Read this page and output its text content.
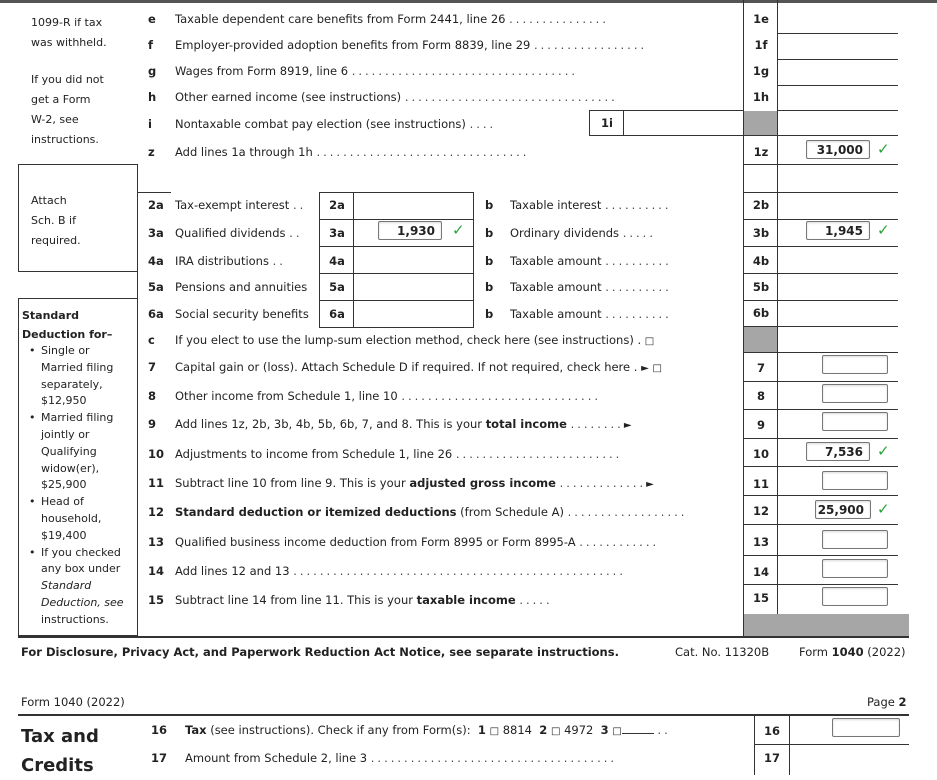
1099-R if tax
was withheld.
If you did not
get a Form
W-2, see
instructions.
Attach
Sch. B if
required.
Standard
Deduction for–
Single or
Married filing
separately,
$12,950
Married filing
jointly or
Qualifying
widow(er),
$25,900
Head of
household,
$19,400
If you checked
any box under
Standard
Deduction, see
instructions.
•
•
•
•
e Taxable dependent care benefits from Form 2441, line 26 ...............	1e
f Employer-provided adoption benefits from Form 8839, line 29 .................	1f
g Wages from Form 8919, line 6 ..................................	1g
h Other earned income (see instructions) ................................	1h
i Nontaxable combat pay election (see instructions) ....	1i
z Add lines 1a through 1h ................................	1z	31,000 ✓
2a Tax-exempt interest ..	2a	b Taxable interest ..........	2b
3a Qualified dividends ..	3a	1,930	✓ b Ordinary dividends .....	3b	1,945 ✓
4a IRA distributions ..	4a	b Taxable amount ..........	4b
5a Pensions and annuities	5a	b Taxable amount ..........	5b
6a Social security benefits	6a	b Taxable amount ..........	6b
c If you elect to use the lump-sum election method, check here (see instructions) . □
7 Capital gain or (loss). Attach Schedule D if required. If not required, check here . ► □	7
8 Other income from Schedule 1, line 10 ..............................	8
9 Add lines 1z, 2b, 3b, 4b, 5b, 6b, 7, and 8. This is your total income ........►	9
10 Adjustments to income from Schedule 1, line 26 .........................	10	7,536 ✓
11 Subtract line 10 from line 9. This is your adjusted gross income .............►	11
12 Standard deduction or itemized deductions (from Schedule A) ..................	12	25,900 ✓
13 Qualified business income deduction from Form 8995 or Form 8995-A ............	13
14 Add lines 12 and 13 ..................................................	14
15 Subtract line 14 from line 11. This is your taxable income .....	15
For Disclosure, Privacy Act, and Paperwork Reduction Act Notice, see separate instructions.	Cat. No. 11320B	Form 1040 (2022)
Form 1040 (2022)	Page 2
Tax and
Credits
16 Tax (see instructions). Check if any from Form(s): 1 □ 8814 2 □ 4972 3 □	..	16
17 Amount from Schedule 2, line 3 .....................................	17
